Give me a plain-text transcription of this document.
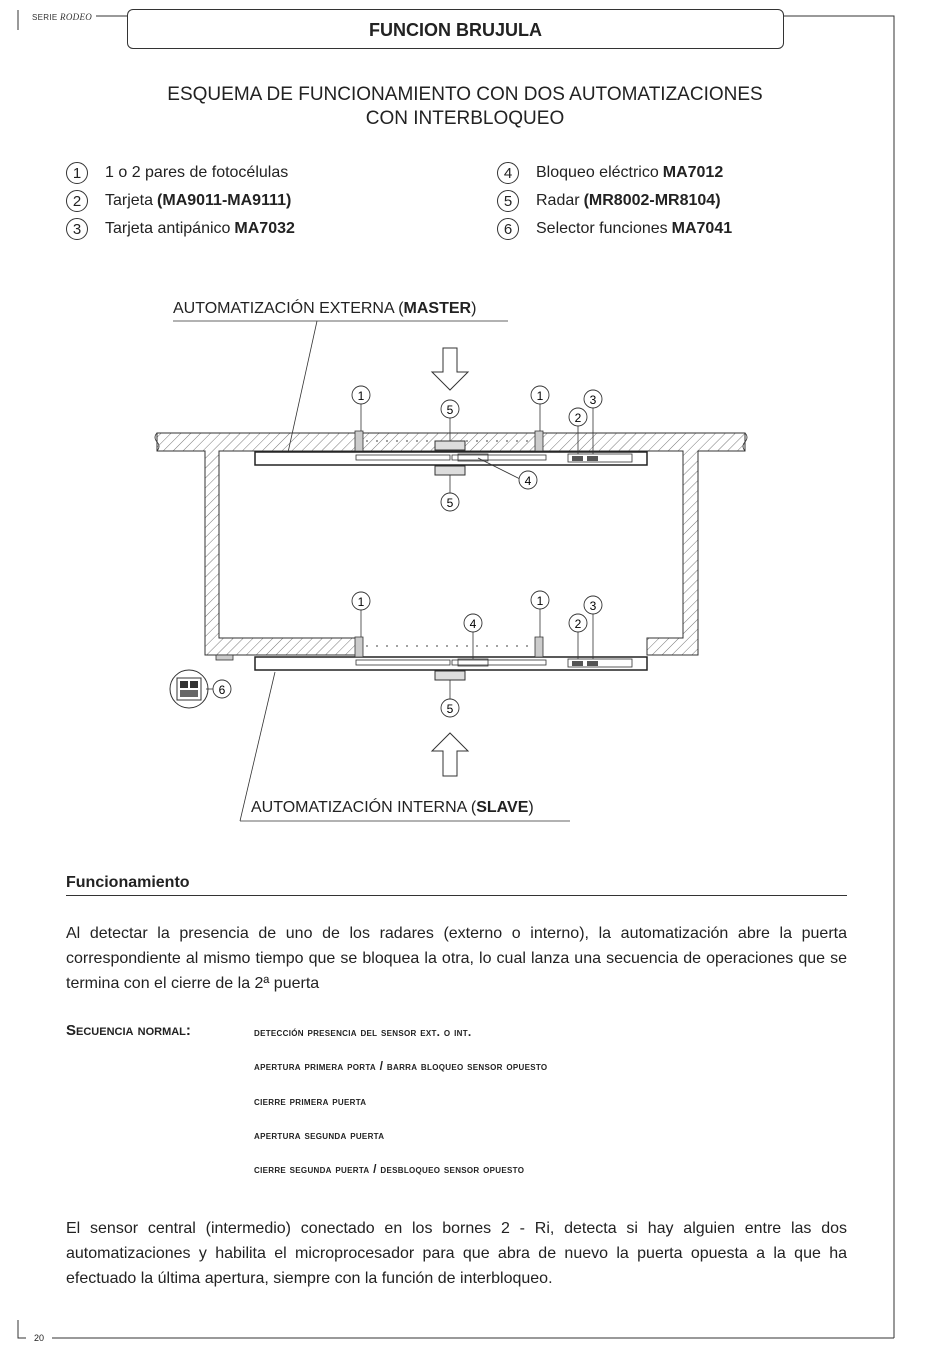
SERIE RODEO
FUNCION BRUJULA
ESQUEMA DE FUNCIONAMIENTO CON DOS AUTOMATIZACIONES
CON INTERBLOQUEO
1	1 o 2 pares de fotocélulas
2	Tarjeta (MA9011-MA9111)
3	Tarjeta antipánico MA7032
4	Bloqueo eléctrico MA7012
5	Radar (MR8002-MR8104)
6	Selector funciones MA7041
AUTOMATIZACIÓN EXTERNA (MASTER)
AUTOMATIZACIÓN INTERNA (SLAVE)
1	1
5
3
2
4
5
1	1	3
4	2
6
5
Funcionamiento
Al detectar la presencia de uno de los radares (externo o interno), la automatización abre la puerta correspondiente al mismo tiempo que se bloquea la otra, lo cual lanza una secuencia de operaciones que se termina con el cierre de la 2ª puerta
Secuencia normal:	detección presencia del sensor ext. o int.
apertura primera porta / barra bloqueo sensor opuesto
cierre primera puerta
apertura segunda puerta
cierre segunda puerta / desbloqueo sensor opuesto
El sensor central (intermedio) conectado en los bornes 2 - Ri, detecta si hay alguien entre las dos automatizaciones y habilita el microprocesador para que abra de nuevo la puerta opuesta a la que ha efectuado la última apertura, siempre con la función de interbloqueo.
20
